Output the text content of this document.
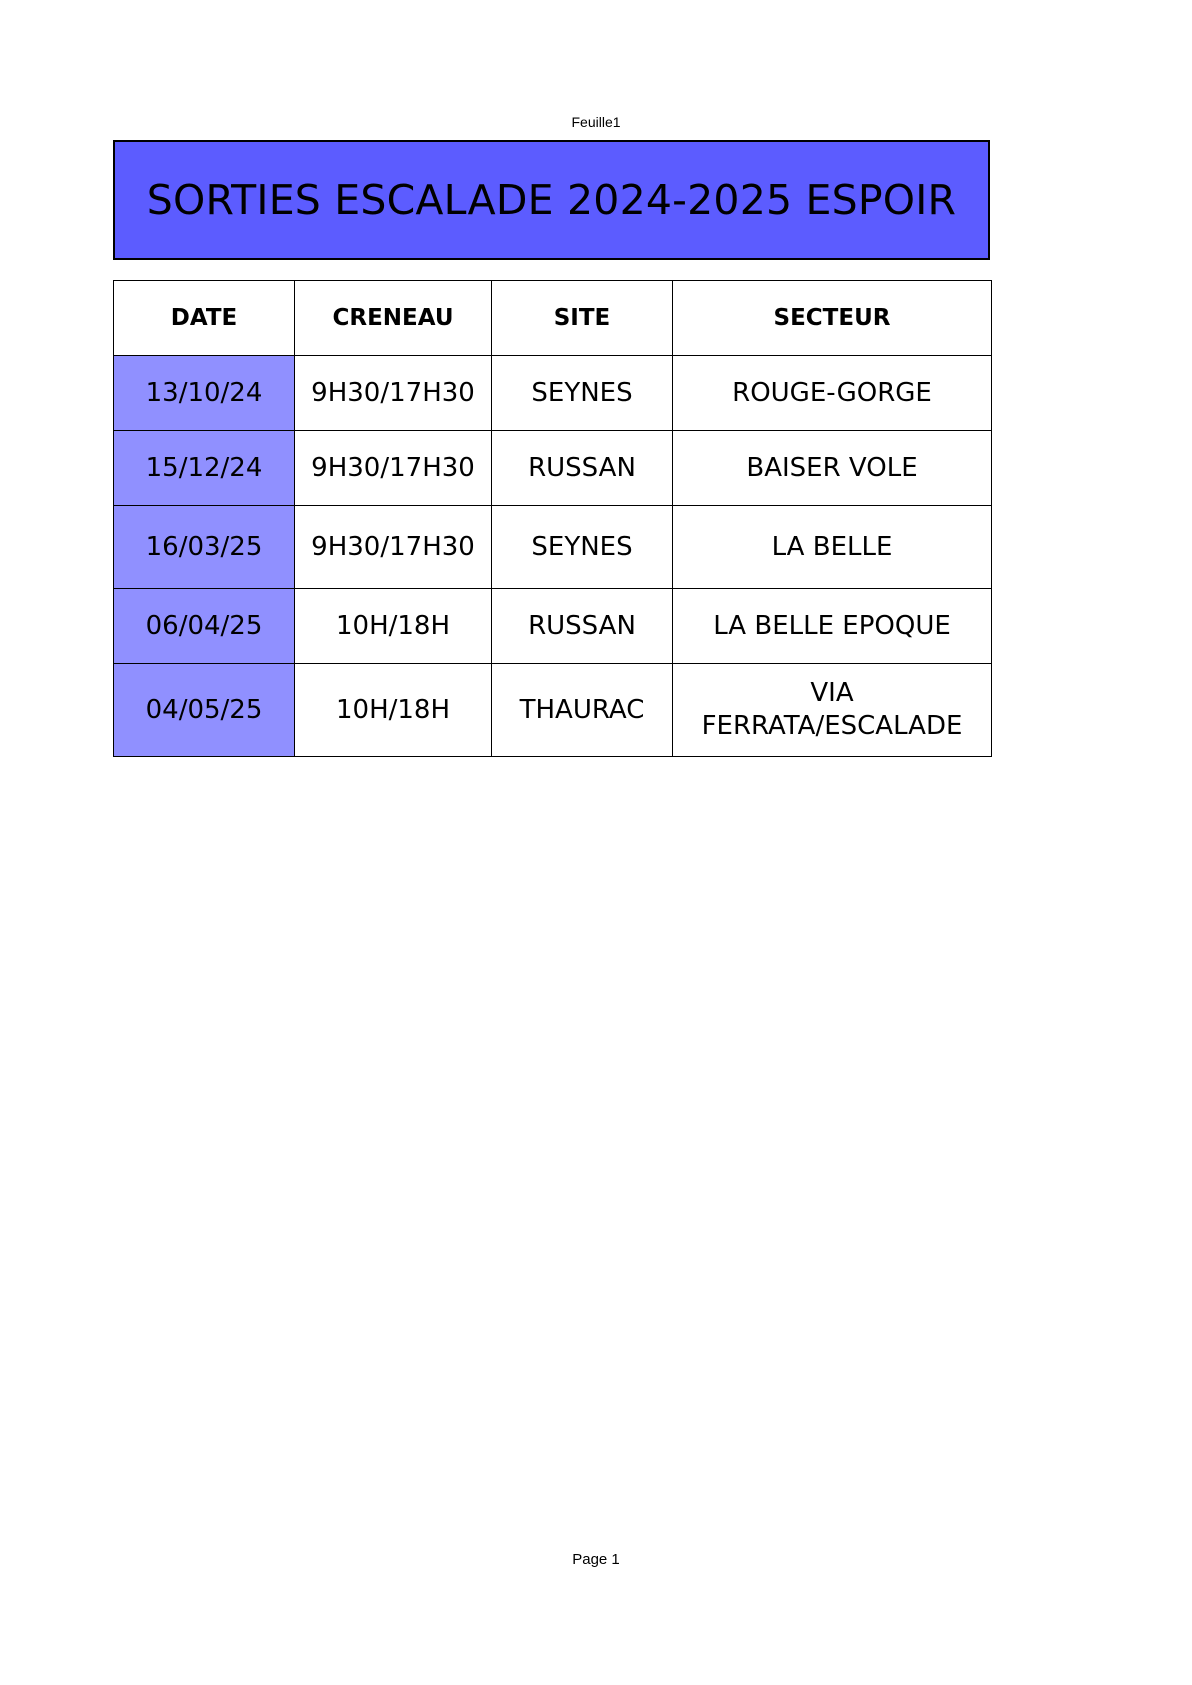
Feuille1
SORTIES ESCALADE 2024-2025 ESPOIR
DATE	CRENEAU	SITE	SECTEUR
13/10/24	9H30/17H30	SEYNES	ROUGE-GORGE
15/12/24	9H30/17H30	RUSSAN	BAISER VOLE
16/03/25	9H30/17H30	SEYNES	LA BELLE
06/04/25	10H/18H	RUSSAN	LA BELLE EPOQUE
04/05/25	10H/18H	THAURAC	VIA
FERRATA/ESCALADE
Page 1
